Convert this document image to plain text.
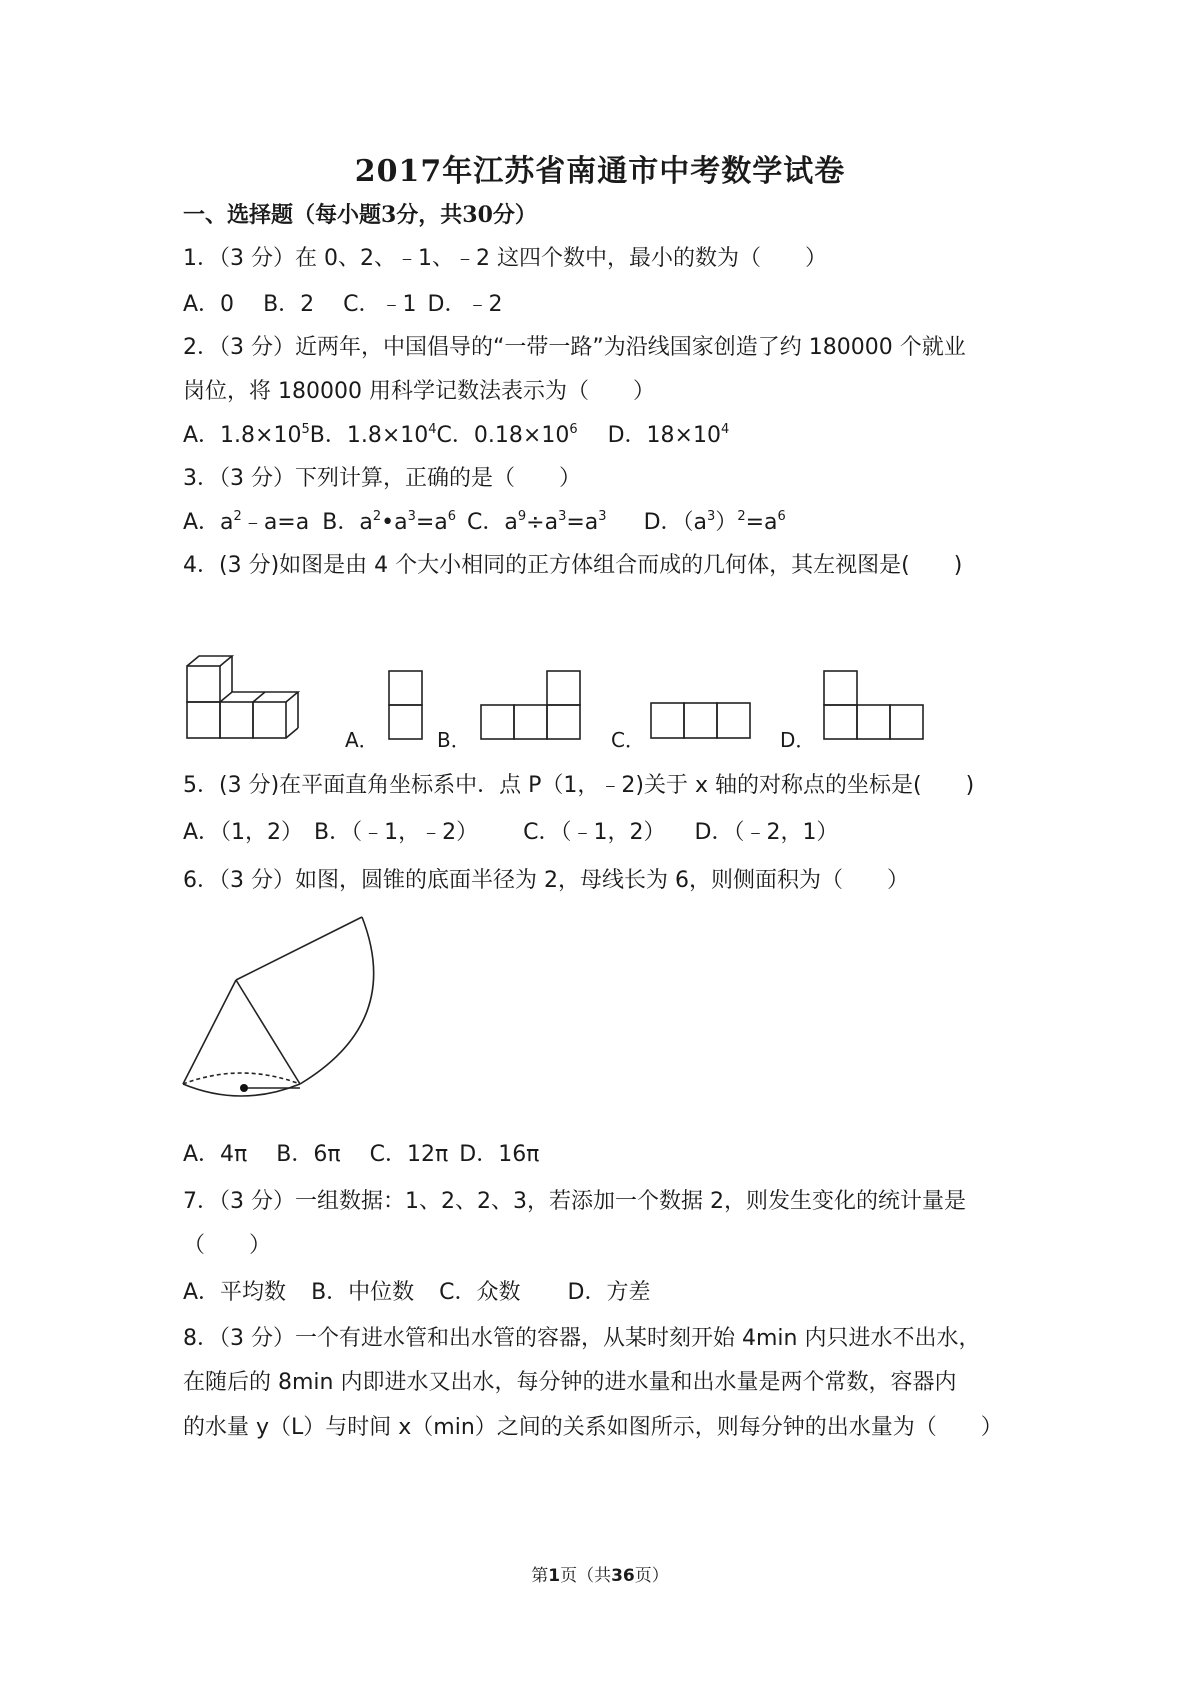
2017年江苏省南通市中考数学试卷
一、选择题（每小题3分，共30分）
1．（3 分）在 0、2、﹣1、﹣2 这四个数中，最小的数为（　　）
A．0 B．2 C．﹣1 D．﹣2
2．（3 分）近两年，中国倡导的“一带一路”为沿线国家创造了约 180000 个就业
岗位，将 180000 用科学记数法表示为（　　）
A．$1.8\times 10^5B$．$1.8\times 10^4C$．$0.18\times 10^6$ D．$18\times 10^4$
3．（3 分）下列计算，正确的是（　　）
A．$a^2﹣a=a$ B．$a^2•a^3=a^6$ C．$a^9\div a^3=a^3$ D．$(a^3)^2=a^6$
4．(3 分)如图是由 4 个大小相同的正方体组合而成的几何体，其左视图是(　　)
A．	B．	C．	D．
5．(3 分)在平面直角坐标系中．点 P（1，﹣2)关于 x 轴的对称点的坐标是(　　)
A．（1，2） B．（﹣1，﹣2） C．（﹣1，2） D．（﹣2，1）
6．（3 分）如图，圆锥的底面半径为 2，母线长为 6，则侧面积为（　　）
A．4π B．6π C．12π D．16π
7．（3 分）一组数据：1、2、2、3，若添加一个数据 2，则发生变化的统计量是
（　　）
A．平均数 B．中位数 C．众数 D．方差
8．（3 分）一个有进水管和出水管的容器，从某时刻开始 4min 内只进水不出水，
在随后的 8min 内即进水又出水，每分钟的进水量和出水量是两个常数，容器内
的水量 y（L）与时间 x（min）之间的关系如图所示，则每分钟的出水量为（　　）
第1页（共36页）
